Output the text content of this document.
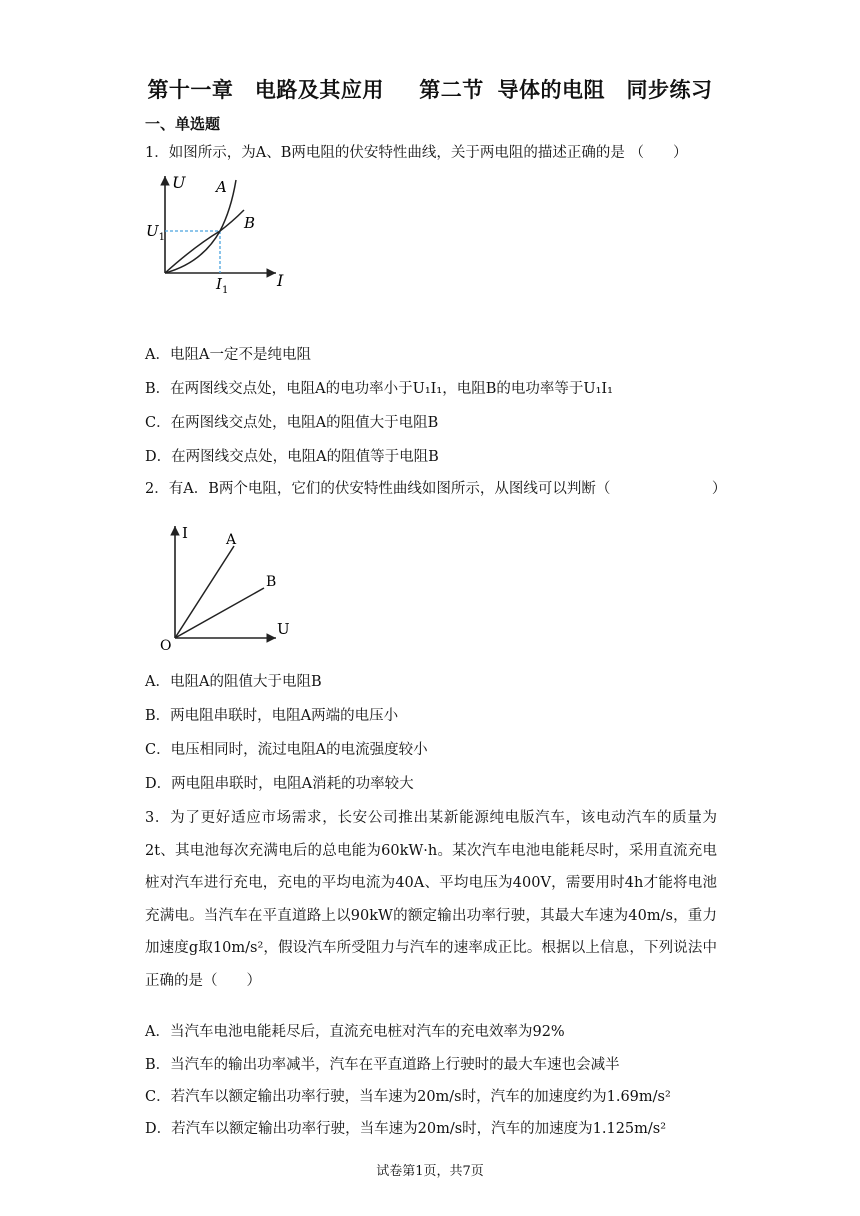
第十一章　电路及其应用　 第二节 导体的电阻　同步练习
一、单选题
1．如图所示，为A、B两电阻的伏安特性曲线，关于两电阻的描述正确的是 （　　）
U
I
A
B
$U_1$
$I_1$
A．电阻A一定不是纯电阻
B．在两图线交点处，电阻A的电功率小于U₁I₁，电阻B的电功率等于U₁I₁
C．在两图线交点处，电阻A的阻值大于电阻B
D．在两图线交点处，电阻A的阻值等于电阻B
2．有A．B两个电阻，它们的伏安特性曲线如图所示，从图线可以判断（　　　　　　　）
I
U
O
A
B
A．电阻A的阻值大于电阻B
B．两电阻串联时，电阻A两端的电压小
C．电压相同时，流过电阻A的电流强度较小
D．两电阻串联时，电阻A消耗的功率较大
3．为了更好适应市场需求，长安公司推出某新能源纯电版汽车，该电动汽车的质量为2t、其电池每次充满电后的总电能为60kW·h。某次汽车电池电能耗尽时，采用直流充电桩对汽车进行充电，充电的平均电流为40A、平均电压为400V，需要用时4h才能将电池充满电。当汽车在平直道路上以90kW的额定输出功率行驶，其最大车速为40m/s，重力加速度g取10m/s²，假设汽车所受阻力与汽车的速率成正比。根据以上信息，下列说法中正确的是（　　）
A．当汽车电池电能耗尽后，直流充电桩对汽车的充电效率为92%
B．当汽车的输出功率减半，汽车在平直道路上行驶时的最大车速也会减半
C．若汽车以额定输出功率行驶，当车速为20m/s时，汽车的加速度约为1.69m/s²
D．若汽车以额定输出功率行驶，当车速为20m/s时，汽车的加速度为1.125m/s²
试卷第1页，共7页
